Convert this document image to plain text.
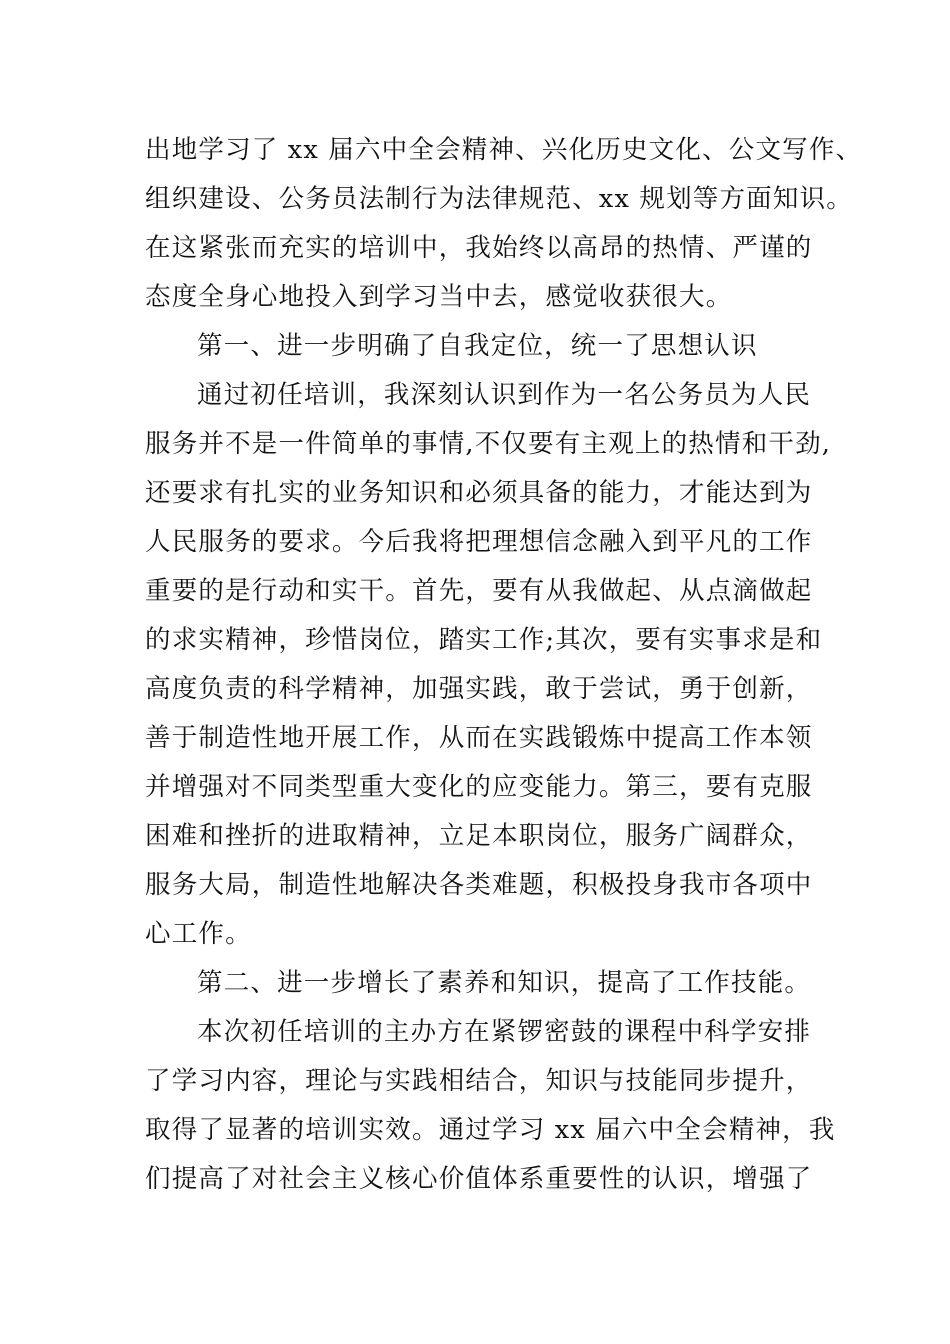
出地学习了 xx 届六中全会精神、兴化历史文化、公文写作、
组织建设、公务员法制行为法律规范、xx 规划等方面知识。
在这紧张而充实的培训中，我始终以高昂的热情、严谨的
态度全身心地投入到学习当中去，感觉收获很大。
第一、进一步明确了自我定位，统一了思想认识
通过初任培训，我深刻认识到作为一名公务员为人民
服务并不是一件简单的事情,不仅要有主观上的热情和干劲,
还要求有扎实的业务知识和必须具备的能力，才能达到为
人民服务的要求。今后我将把理想信念融入到平凡的工作
重要的是行动和实干。首先，要有从我做起、从点滴做起
的求实精神，珍惜岗位，踏实工作;其次，要有实事求是和
高度负责的科学精神，加强实践，敢于尝试，勇于创新，
善于制造性地开展工作，从而在实践锻炼中提高工作本领
并增强对不同类型重大变化的应变能力。第三，要有克服
困难和挫折的进取精神，立足本职岗位，服务广阔群众，
服务大局，制造性地解决各类难题，积极投身我市各项中
心工作。
第二、进一步增长了素养和知识，提高了工作技能。
本次初任培训的主办方在紧锣密鼓的课程中科学安排
了学习内容，理论与实践相结合，知识与技能同步提升，
取得了显著的培训实效。通过学习 xx 届六中全会精神，我
们提高了对社会主义核心价值体系重要性的认识，增强了
